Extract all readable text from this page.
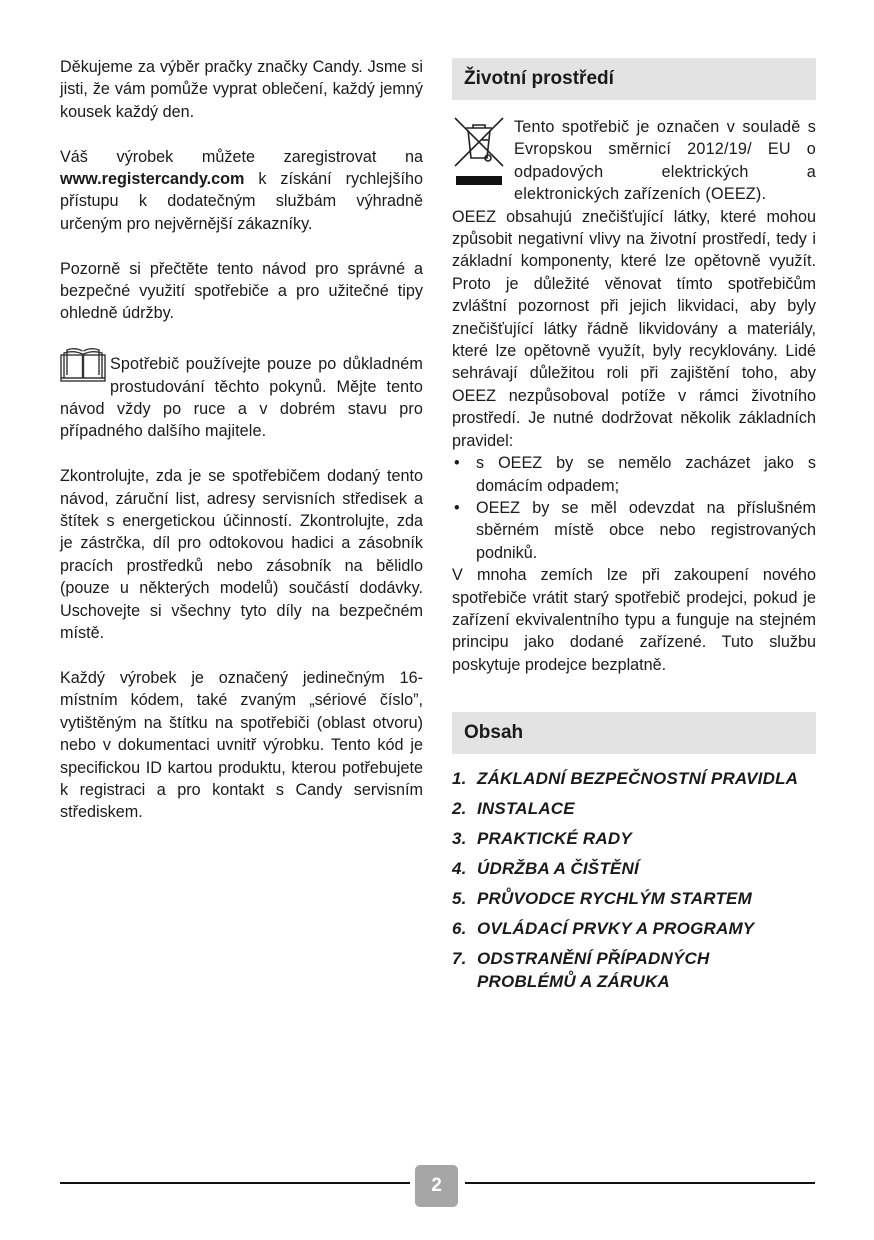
Děkujeme za výběr pračky značky Candy. Jsme si jisti, že vám pomůže vyprat oblečení, každý jemný kousek každý den.

Váš výrobek můžete zaregistrovat na www.registercandy.com k získání rychlejšího přístupu k dodatečným službám výhradně určeným pro nejvěrnější zákazníky.

Pozorně si přečtěte tento návod pro správné a bezpečné využití spotřebiče a pro užitečné tipy ohledně údržby.

Spotřebič používejte pouze po důkladném prostudování těchto pokynů. Mějte tento návod vždy po ruce a v dobrém stavu pro případného dalšího majitele.

Zkontrolujte, zda je se spotřebičem dodaný tento návod, záruční list, adresy servisních středisek a štítek s energetickou účinností. Zkontrolujte, zda je zástrčka, díl pro odtokovou hadici a zásobník pracích prostředků nebo zásobník na bělidlo (pouze u některých modelů) součástí dodávky. Uschovejte si všechny tyto díly na bezpečném místě.

Každý výrobek je označený jedinečným 16-místním kódem, také zvaným „sériové číslo”, vytištěným na štítku na spotřebiči (oblast otvoru) nebo v dokumentaci uvnitř výrobku. Tento kód je specifickou ID kartou produktu, kterou potřebujete k registraci a pro kontakt s Candy servisním střediskem.

Životní prostředí

Tento spotřebič je označen v souladě s Evropskou směrnicí 2012/19/ EU o odpadových elektrických a elektronických zařízeních (OEEZ).

OEEZ obsahujú znečišťující látky, které mohou způsobit negativní vlivy na životní prostředí, tedy i základní komponenty, které lze opětovně využít. Proto je důležité věnovat tímto spotřebičům zvláštní pozornost při jejich likvidaci, aby byly znečišťující látky řádně likvidovány a materiály, které lze opětovně využít, byly recyklovány. Lidé sehrávají důležitou roli při zajištění toho, aby OEEZ nezpůsoboval potíže v rámci životního prostředí. Je nutné dodržovat několik základních pravidel:

• s OEEZ by se nemělo zacházet jako s domácím odpadem;
• OEEZ by se měl odevzdat na příslušném sběrném místě obce nebo registrovaných podniků.

V mnoha zemích lze při zakoupení nového spotřebiče vrátit starý spotřebič prodejci, pokud je zařízení ekvivalentního typu a funguje na stejném principu jako dodané zařízené. Tuto službu poskytuje prodejce bezplatně.

Obsah
1. ZÁKLADNÍ BEZPEČNOSTNÍ PRAVIDLA
2. INSTALACE
3. PRAKTICKÉ RADY
4. ÚDRŽBA A ČIŠTĚNÍ
5. PRŮVODCE RYCHLÝM STARTEM
6. OVLÁDACÍ PRVKY A PROGRAMY
7. ODSTRANĚNÍ PŘÍPADNÝCH PROBLÉMŮ A ZÁRUKA
2
